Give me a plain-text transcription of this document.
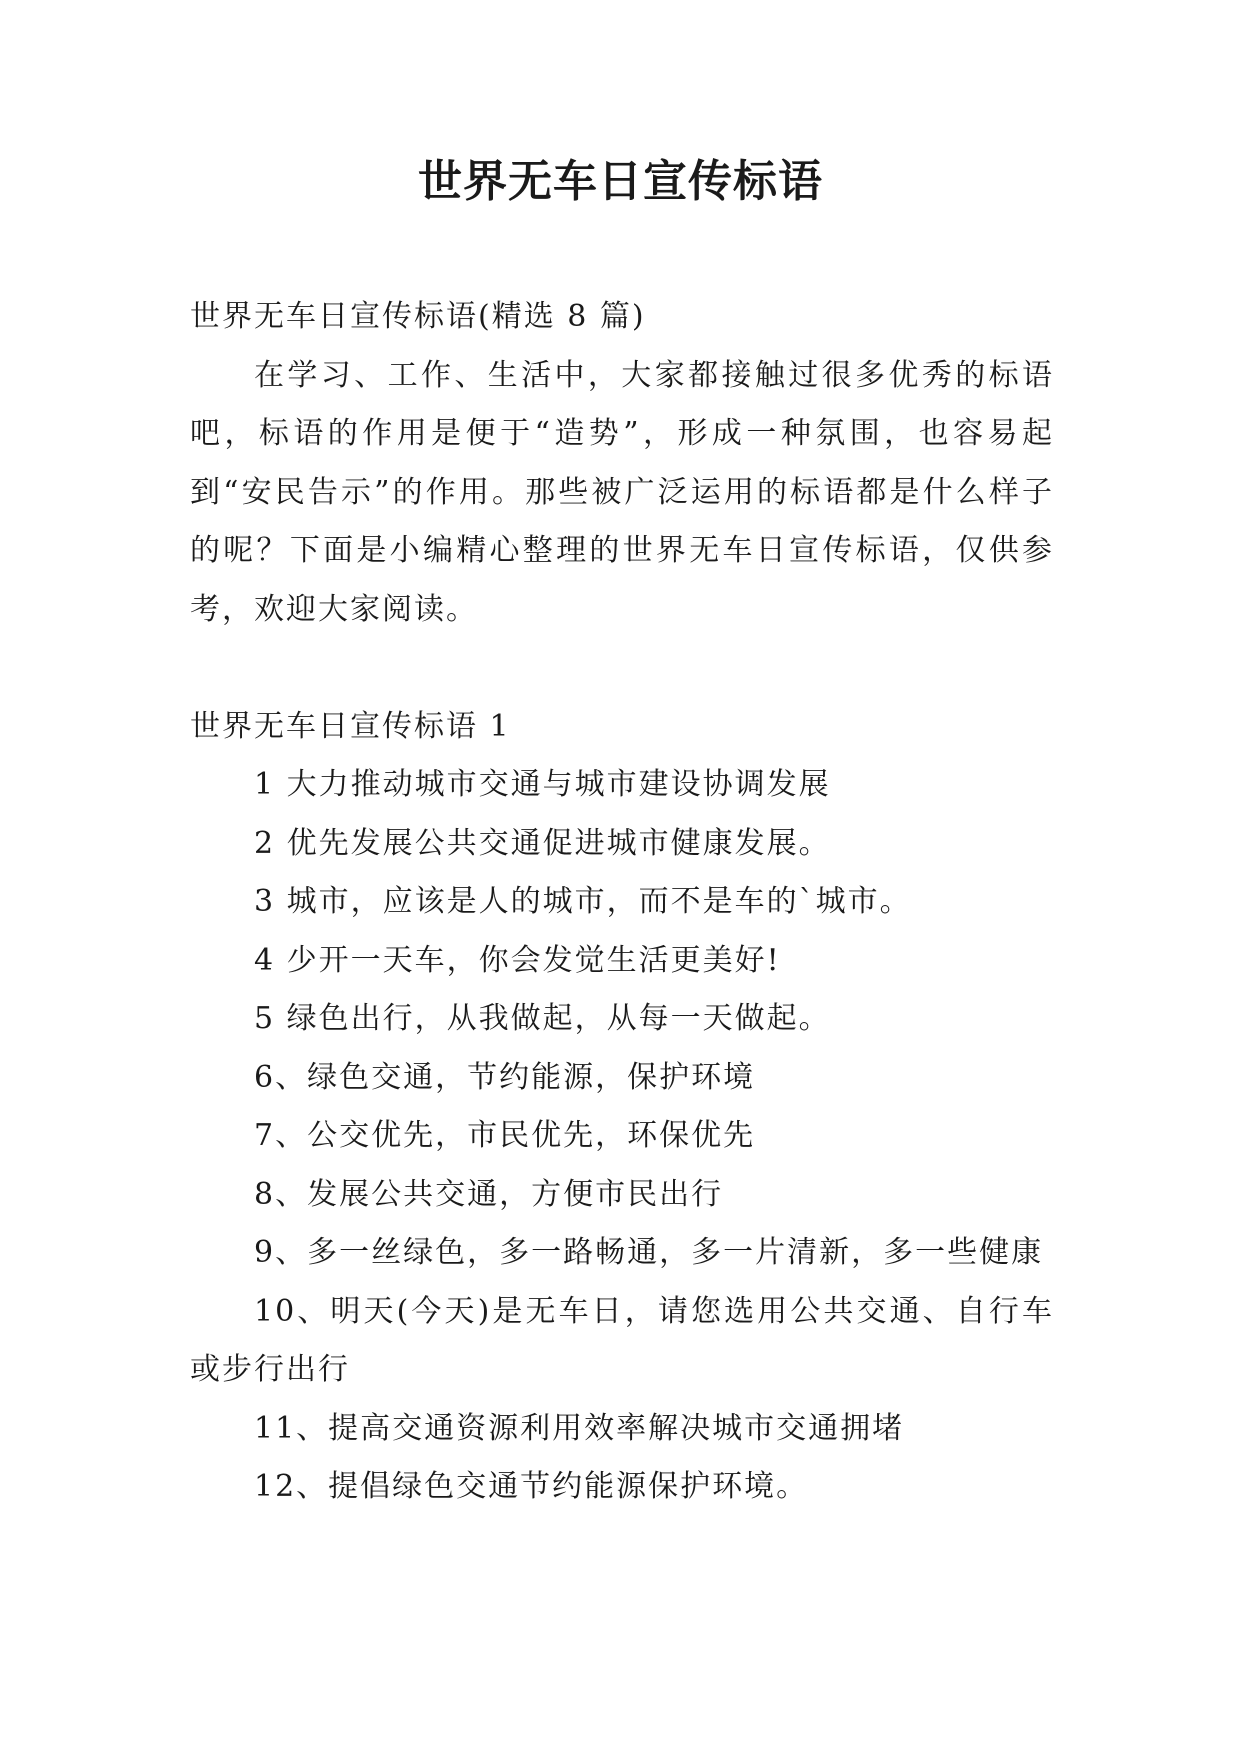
世界无车日宣传标语

世界无车日宣传标语(精选 8 篇)

在学习、工作、生活中，大家都接触过很多优秀的标语吧，标语的作用是便于“造势”，形成一种氛围，也容易起到“安民告示”的作用。那些被广泛运用的标语都是什么样子的呢？下面是小编精心整理的世界无车日宣传标语，仅供参考，欢迎大家阅读。

世界无车日宣传标语 1

1 大力推动城市交通与城市建设协调发展

2 优先发展公共交通促进城市健康发展。

3 城市，应该是人的城市，而不是车的`城市。

4 少开一天车，你会发觉生活更美好!

5 绿色出行，从我做起，从每一天做起。

6、绿色交通，节约能源，保护环境

7、公交优先，市民优先，环保优先

8、发展公共交通，方便市民出行

9、多一丝绿色，多一路畅通，多一片清新，多一些健康

10、明天(今天)是无车日，请您选用公共交通、自行车或步行出行

11、提高交通资源利用效率解决城市交通拥堵

12、提倡绿色交通节约能源保护环境。
